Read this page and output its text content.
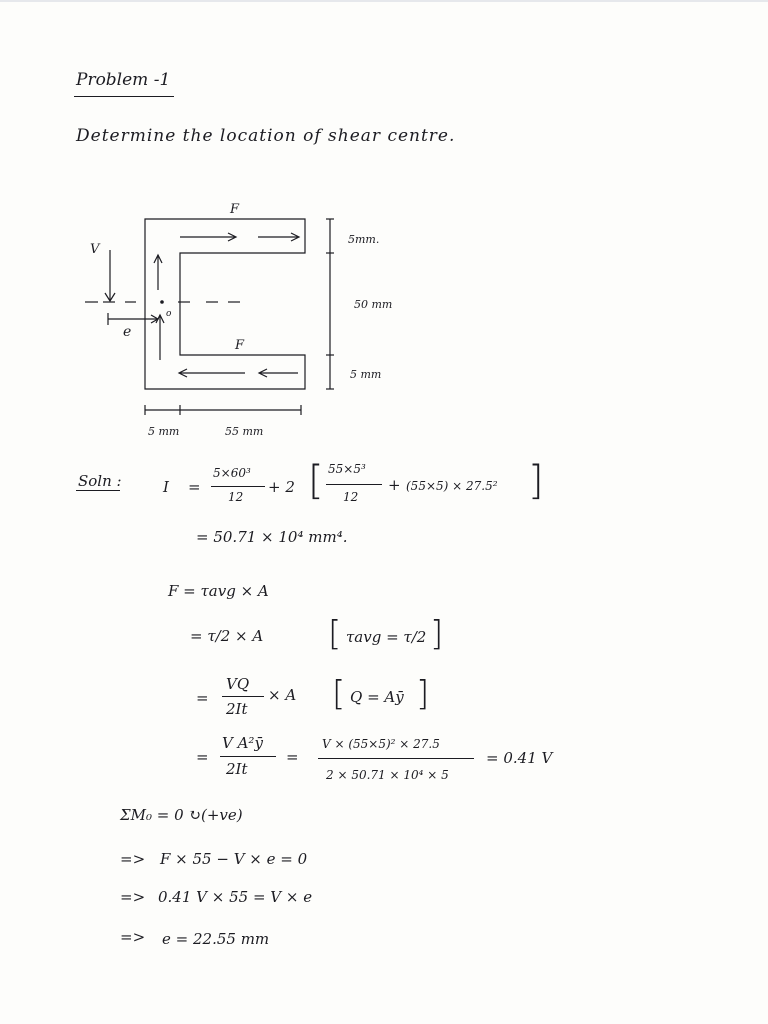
Problem -1
Determine the location of shear centre.
F
F
V
e
o
5mm.
50 mm
5 mm
5 mm	55 mm
Soln :	I =
5×60³
12
+ 2 [ 55×5³
12
+ (55×5) × 27.5² ]
= 50.71 × 10⁴ mm⁴.
F = τavg × A
= τ/2 × A [ τavg = τ/2 ]
=
VQ
2It
× A [ Q = Aȳ ]
=
V A²ȳ
2It
=
V × (55×5)² × 27.5
2 × 50.71 × 10⁴ × 5
= 0.41 V
ΣM₀ = 0 ↻(+ve)
=> F × 55 − V × e = 0
=> 0.41 V × 55 = V × e
=> e = 22.55 mm
